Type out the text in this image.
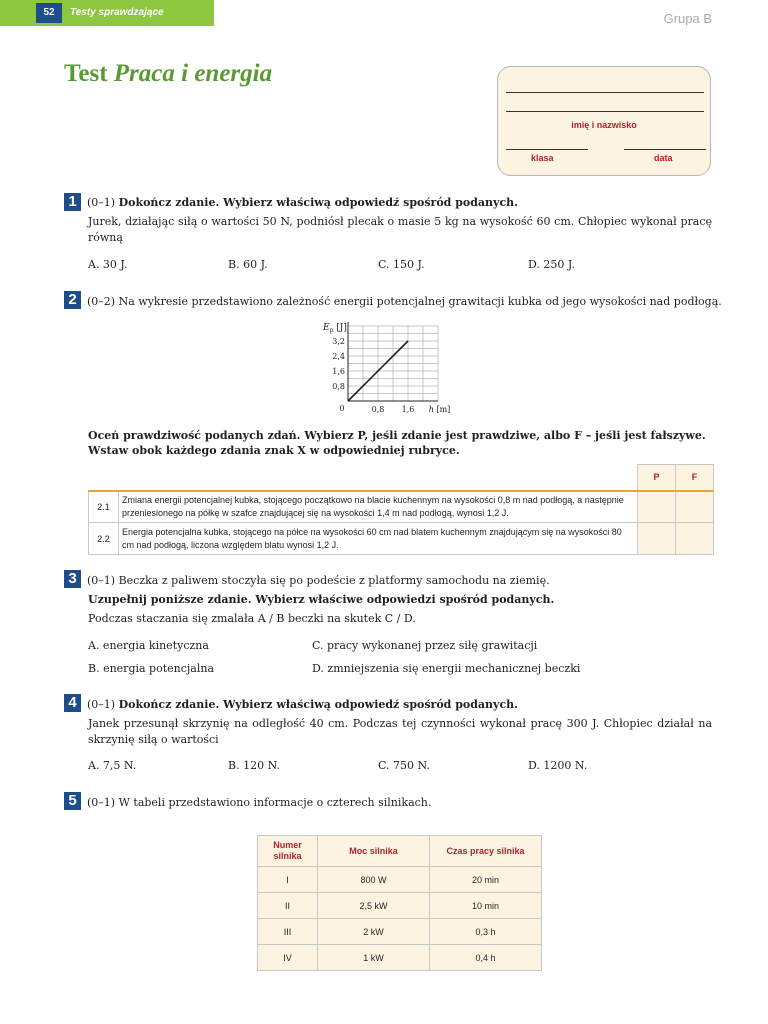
52	Testy sprawdzające	Grupa B
Test Praca i energia
imię i nazwisko
klasa	data
1 (0–1) Dokończ zdanie. Wybierz właściwą odpowiedź spośród podanych.
Jurek, działając siłą o wartości 50 N, podniósł plecak o masie 5 kg na wysokość 60 cm. Chłopiec wykonał pracę równą
A. 30 J.	B. 60 J.	C. 150 J.	D. 250 J.
2 (0–2) Na wykresie przedstawiono zależność energii potencjalnej grawitacji kubka od jego wysokości nad podłogą.
0,8
1,6
2,4
3,2
0,8 1,6
0
$E_p$ [J]
h [m]
Oceń prawdziwość podanych zdań. Wybierz P, jeśli zdanie jest prawdziwe, albo F – jeśli jest fałszywe.
Wstaw obok każdego zdania znak X w odpowiedniej rubryce.
		P	F
2.1	Zmiana energii potencjalnej kubka, stojącego początkowo na blacie kuchennym na wysokości 0,8 m nad podłogą, a następnie przeniesionego na półkę w szafce znajdującej się na wysokości 1,4 m nad podłogą, wynosi 1,2 J.		
2.2	Energia potencjalna kubka, stojącego na półce na wysokości 60 cm nad blatem kuchennym znajdującym się na wysokości 80 cm nad podłogą, liczona względem blatu wynosi 1,2 J.		
3 (0–1) Beczka z paliwem stoczyła się po podeście z platformy samochodu na ziemię.
Uzupełnij poniższe zdanie. Wybierz właściwe odpowiedzi spośród podanych.
Podczas staczania się zmalała A / B beczki na skutek C / D.
A. energia kinetyczna	C. pracy wykonanej przez siłę grawitacji
B. energia potencjalna	D. zmniejszenia się energii mechanicznej beczki
4 (0–1) Dokończ zdanie. Wybierz właściwą odpowiedź spośród podanych.
Janek przesunął skrzynię na odległość 40 cm. Podczas tej czynności wykonał pracę 300 J. Chłopiec działał na skrzynię siłą o wartości
A. 7,5 N.	B. 120 N.	C. 750 N.	D. 1200 N.
5 (0–1) W tabeli przedstawiono informacje o czterech silnikach.
Numer
silnika	Moc silnika	Czas pracy silnika
I	800 W	20 min
II	2,5 kW	10 min
III	2 kW	0,3 h
IV	1 kW	0,4 h
